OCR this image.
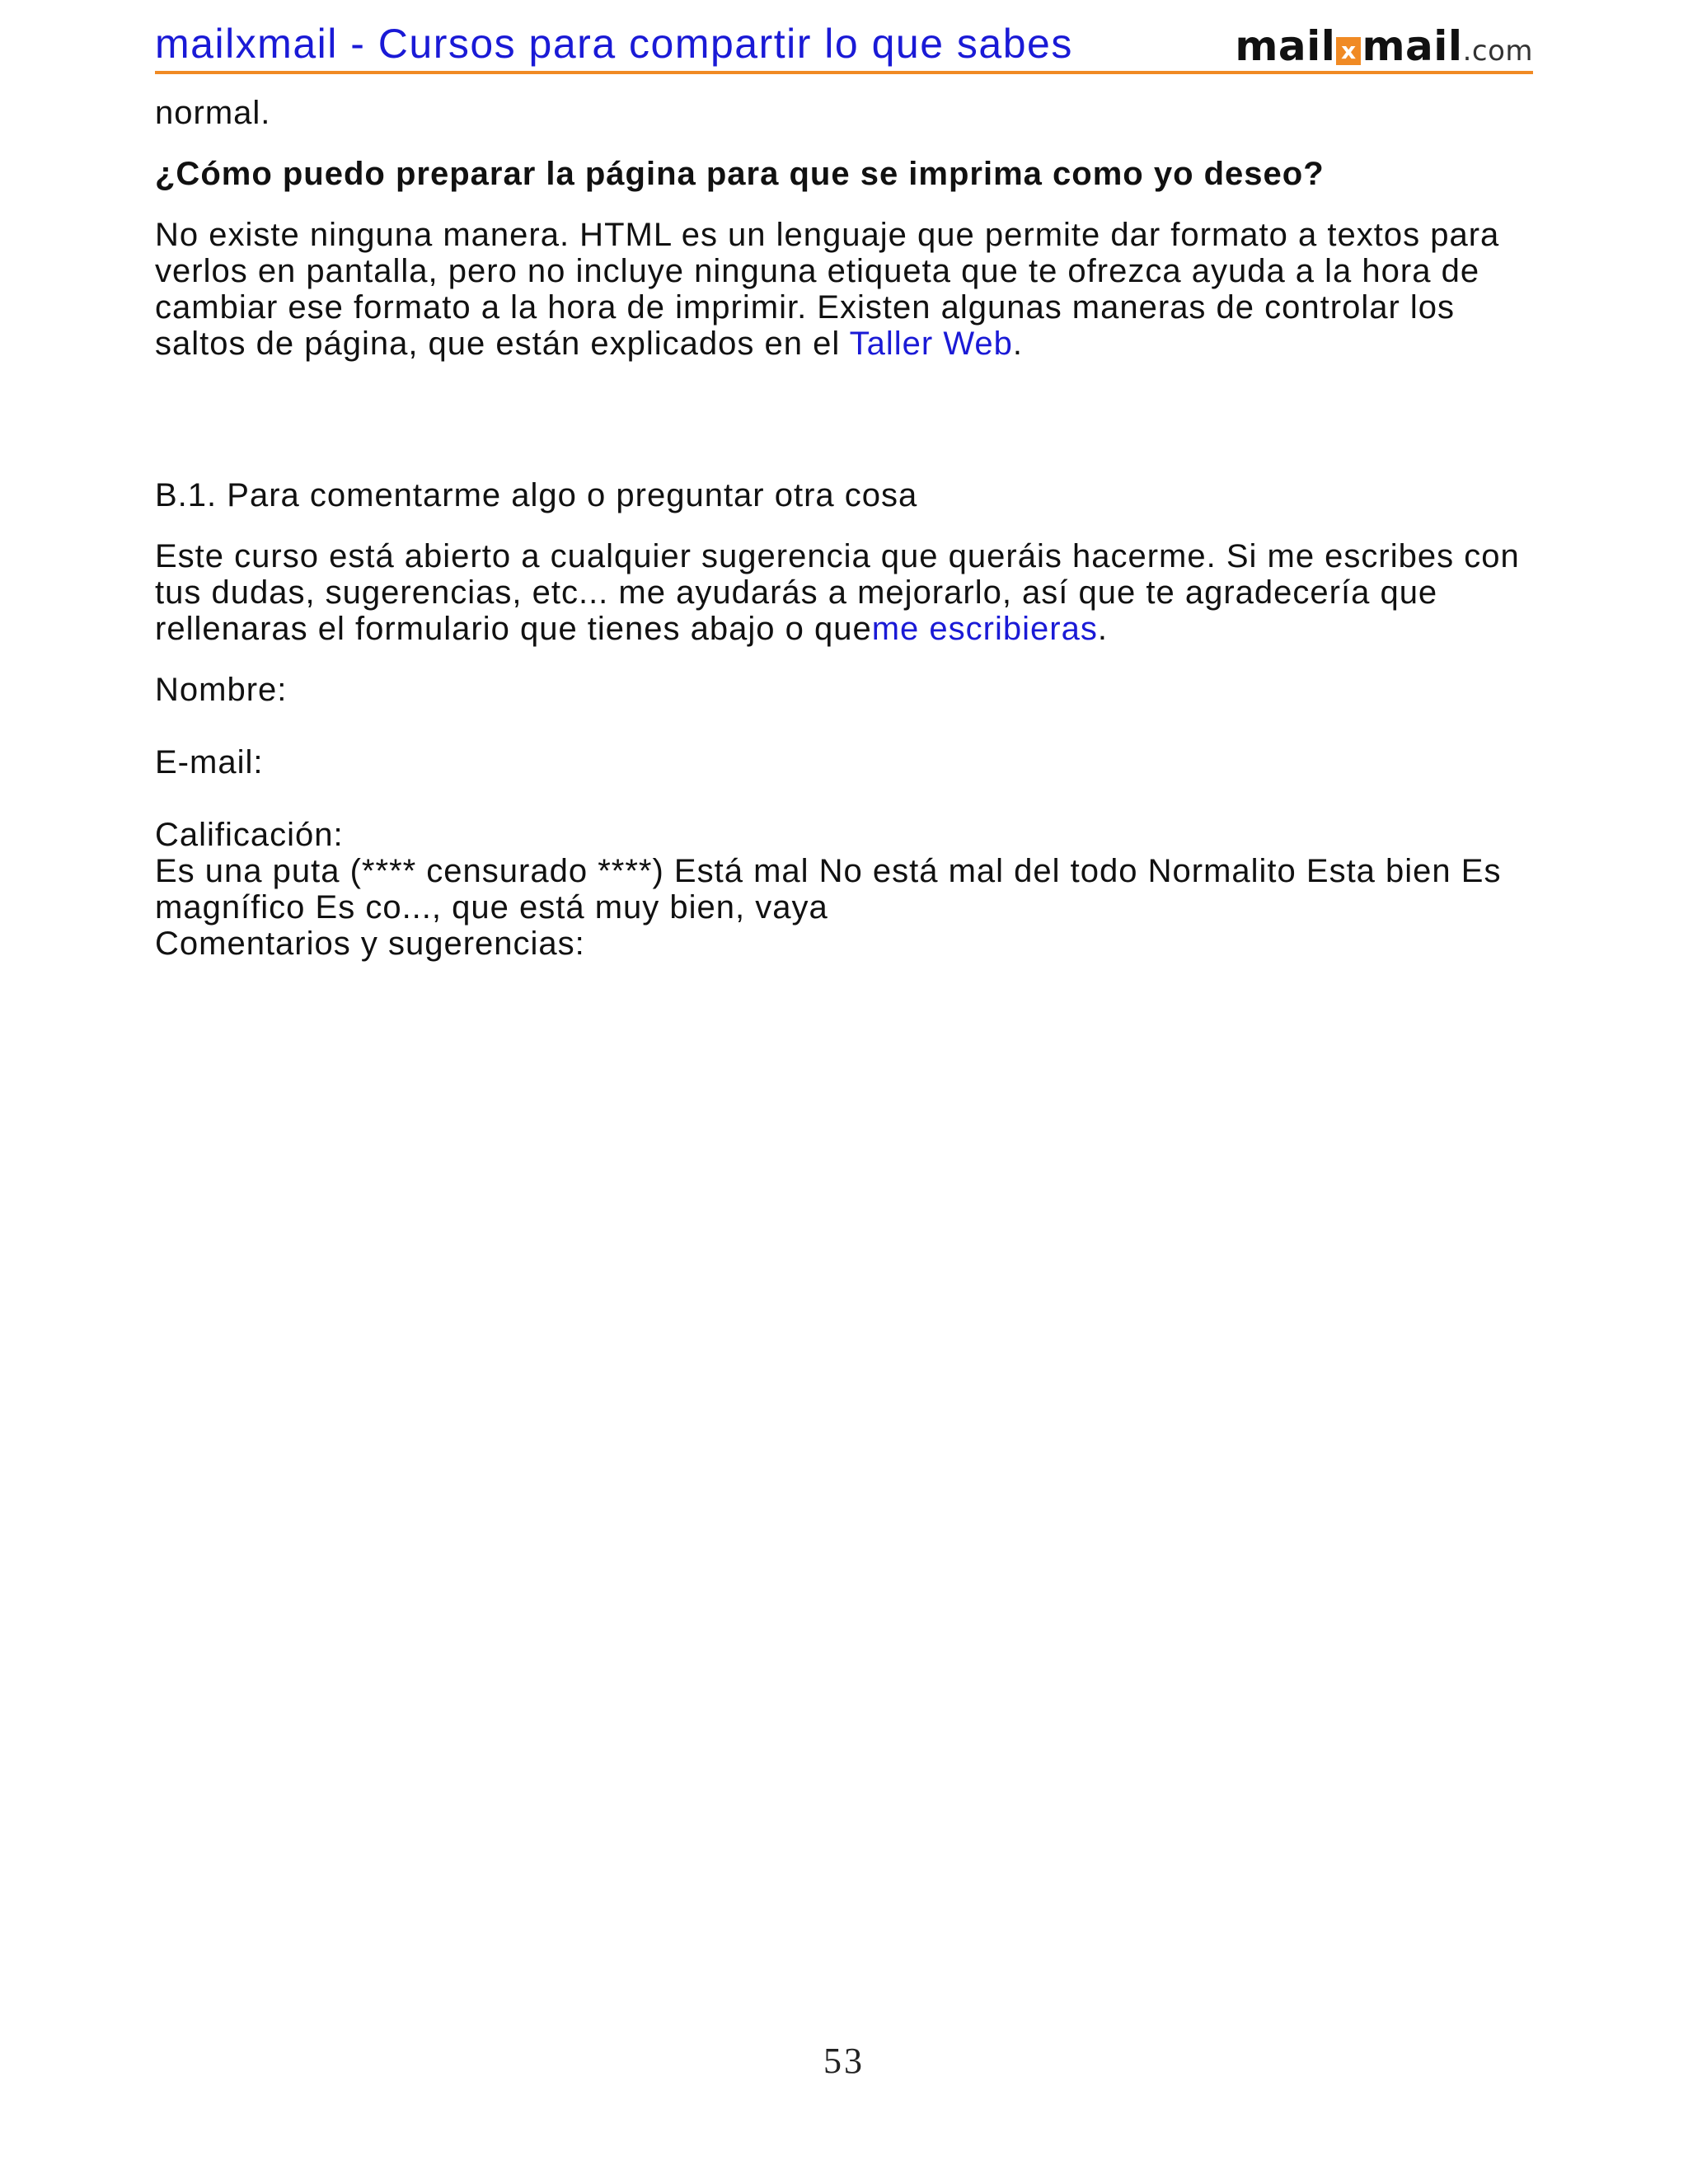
mailxmail - Cursos para compartir lo que sabes	mail x mail.com

normal.

¿Cómo puedo preparar la página para que se imprima como yo deseo?

No existe ninguna manera. HTML es un lenguaje que permite dar formato a textos para verlos en pantalla, pero no incluye ninguna etiqueta que te ofrezca ayuda a la hora de cambiar ese formato a la hora de imprimir. Existen algunas maneras de controlar los saltos de página, que están explicados en el Taller Web.

B.1. Para comentarme algo o preguntar otra cosa

Este curso está abierto a cualquier sugerencia que queráis hacerme. Si me escribes con tus dudas, sugerencias, etc... me ayudarás a mejorarlo, así que te agradecería que rellenaras el formulario que tienes abajo o queme escribieras.

Nombre:

E-mail:

Calificación:

Es una puta (**** censurado ****) Está mal No está mal del todo Normalito Esta bien Es magnífico Es co..., que está muy bien, vaya

Comentarios y sugerencias:

53
